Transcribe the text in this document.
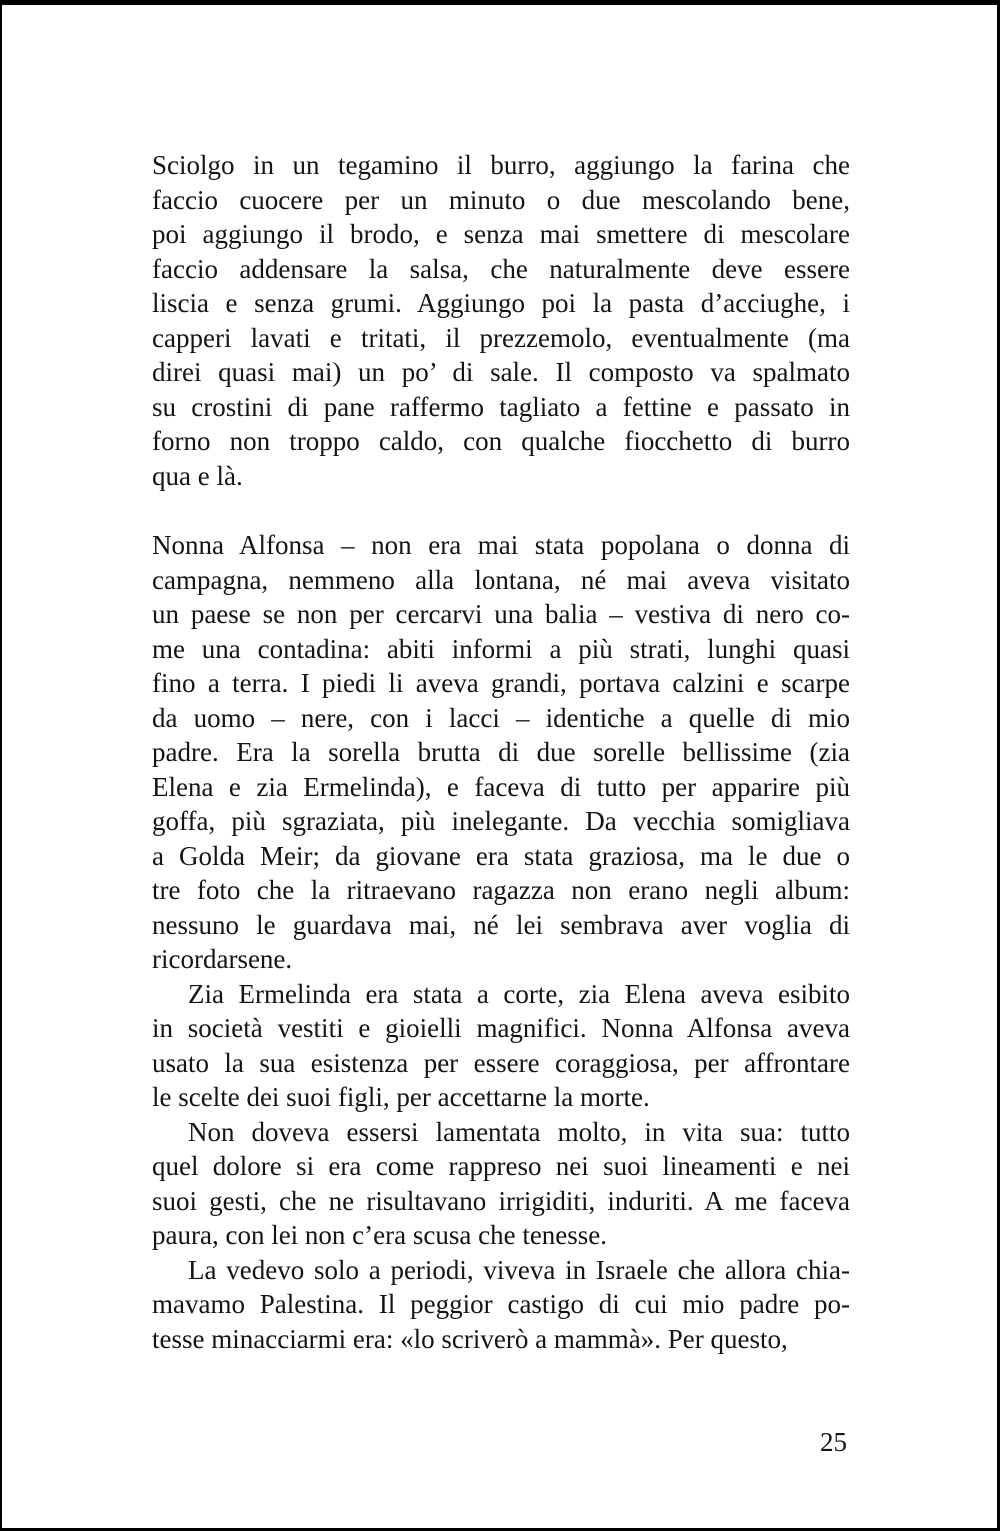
Sciolgo in un tegamino il burro, aggiungo la farina che
faccio cuocere per un minuto o due mescolando bene,
poi aggiungo il brodo, e senza mai smettere di mescolare
faccio addensare la salsa, che naturalmente deve essere
liscia e senza grumi. Aggiungo poi la pasta d’acciughe, i
capperi lavati e tritati, il prezzemolo, eventualmente (ma
direi quasi mai) un po’ di sale. Il composto va spalmato
su crostini di pane raffermo tagliato a fettine e passato in
forno non troppo caldo, con qualche fiocchetto di burro
qua e là.
Nonna Alfonsa – non era mai stata popolana o donna di
campagna, nemmeno alla lontana, né mai aveva visitato
un paese se non per cercarvi una balia – vestiva di nero co-
me una contadina: abiti informi a più strati, lunghi quasi
fino a terra. I piedi li aveva grandi, portava calzini e scarpe
da uomo – nere, con i lacci – identiche a quelle di mio
padre. Era la sorella brutta di due sorelle bellissime (zia
Elena e zia Ermelinda), e faceva di tutto per apparire più
goffa, più sgraziata, più inelegante. Da vecchia somigliava
a Golda Meir; da giovane era stata graziosa, ma le due o
tre foto che la ritraevano ragazza non erano negli album:
nessuno le guardava mai, né lei sembrava aver voglia di
ricordarsene.
Zia Ermelinda era stata a corte, zia Elena aveva esibito
in società vestiti e gioielli magnifici. Nonna Alfonsa aveva
usato la sua esistenza per essere coraggiosa, per affrontare
le scelte dei suoi figli, per accettarne la morte.
Non doveva essersi lamentata molto, in vita sua: tutto
quel dolore si era come rappreso nei suoi lineamenti e nei
suoi gesti, che ne risultavano irrigiditi, induriti. A me faceva
paura, con lei non c’era scusa che tenesse.
La vedevo solo a periodi, viveva in Israele che allora chia-
mavamo Palestina. Il peggior castigo di cui mio padre po-
tesse minacciarmi era: «lo scriverò a mammà». Per questo,
25
